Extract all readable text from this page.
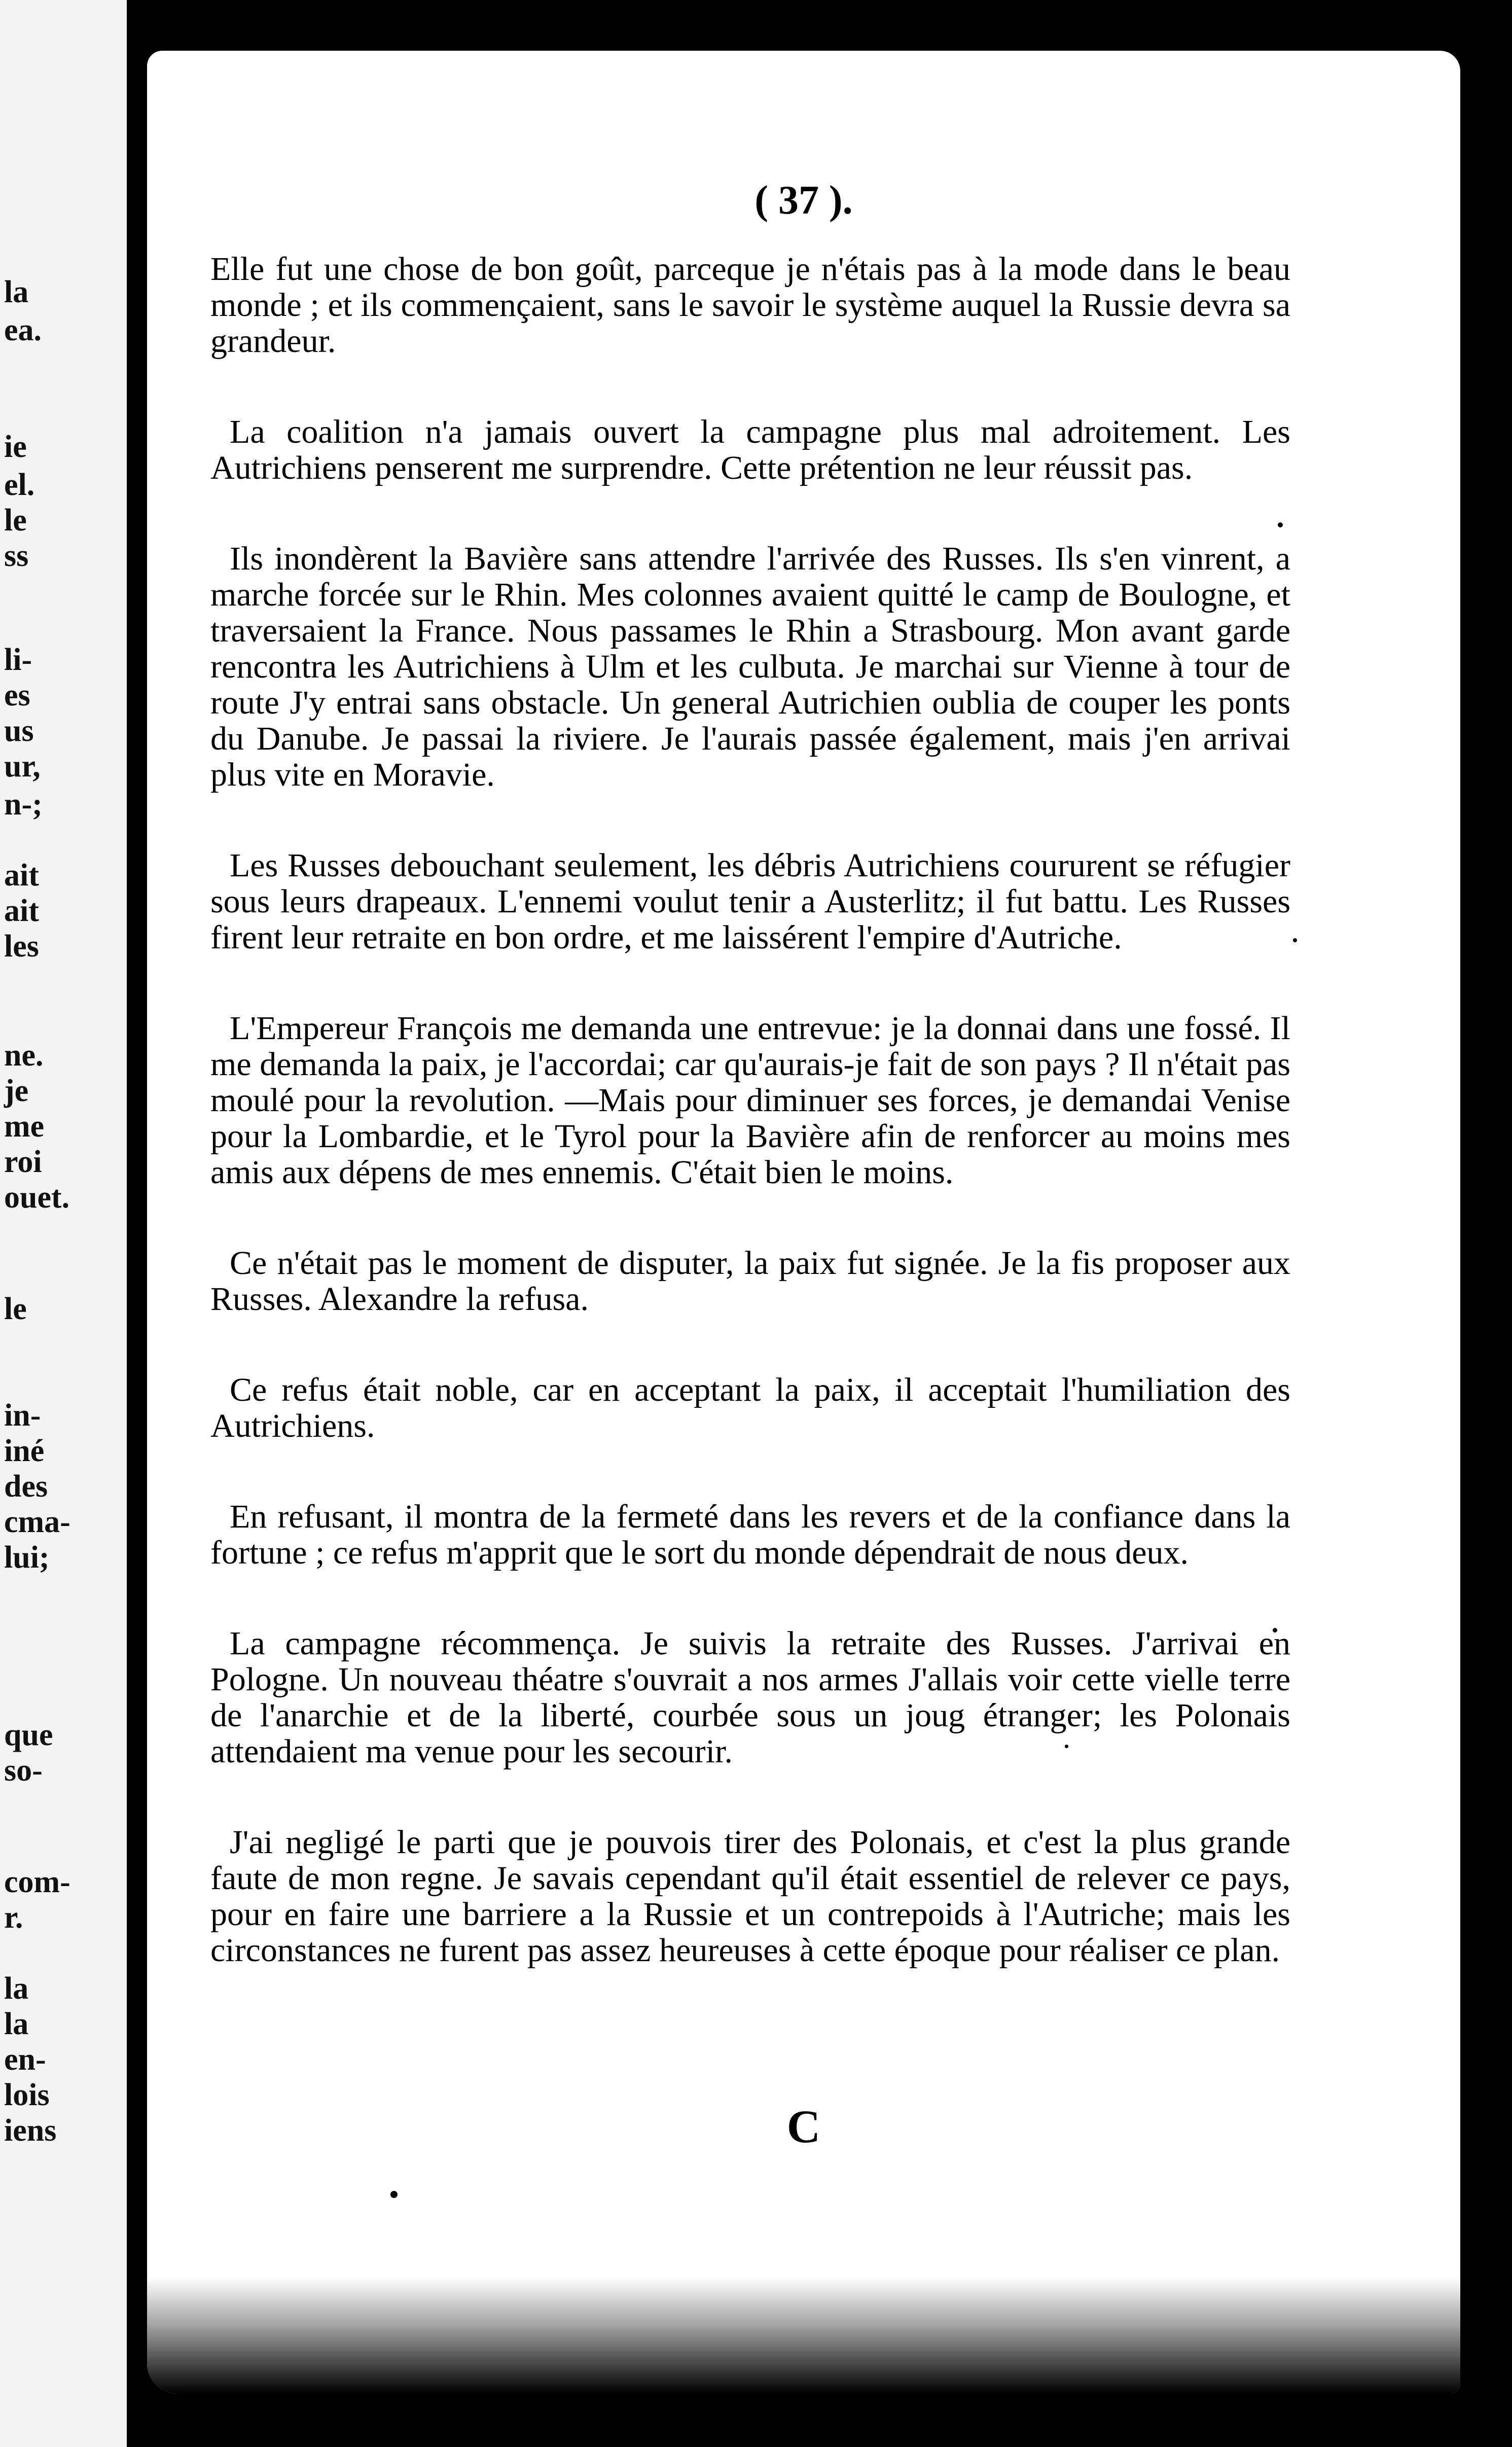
la
ea.
ie
el.
le
ss
li-
es
us
ur,
n-;
ait
ait
les
ne.
je
me
roi
ouet.
le
in-
iné
des
cma-
lui;
que
so-
com-
r.
la
la
en-
lois
iens
( 37 ).

Elle fut une chose de bon goût, parceque je n'étais pas à la mode dans le beau monde ; et ils commençaient, sans le savoir le système auquel la Russie devra sa grandeur.

La coalition n'a jamais ouvert la campagne plus mal adroitement. Les Autrichiens penserent me surprendre. Cette prétention ne leur réussit pas.

Ils inondèrent la Bavière sans attendre l'arrivée des Russes. Ils s'en vinrent, a marche forcée sur le Rhin. Mes colonnes avaient quitté le camp de Boulogne, et traversaient la France. Nous passames le Rhin a Strasbourg. Mon avant garde rencontra les Autrichiens à Ulm et les culbuta. Je marchai sur Vienne à tour de route J'y entrai sans obstacle. Un general Autrichien oublia de couper les ponts du Danube. Je passai la riviere. Je l'aurais passée également, mais j'en arrivai plus vite en Moravie.

Les Russes debouchant seulement, les débris Autrichiens coururent se réfugier sous leurs drapeaux. L'ennemi voulut tenir a Austerlitz; il fut battu. Les Russes firent leur retraite en bon ordre, et me laissérent l'empire d'Autriche.

L'Empereur François me demanda une entrevue: je la donnai dans une fossé. Il me demanda la paix, je l'accordai; car qu'aurais-je fait de son pays ? Il n'était pas moulé pour la revolution. —Mais pour diminuer ses forces, je demandai Venise pour la Lombardie, et le Tyrol pour la Bavière afin de renforcer au moins mes amis aux dépens de mes ennemis. C'était bien le moins.

Ce n'était pas le moment de disputer, la paix fut signée. Je la fis proposer aux Russes. Alexandre la refusa.

Ce refus était noble, car en acceptant la paix, il acceptait l'humiliation des Autrichiens.

En refusant, il montra de la fermeté dans les revers et de la confiance dans la fortune ; ce refus m'apprit que le sort du monde dépendrait de nous deux.

La campagne récommença. Je suivis la retraite des Russes. J'arrivai en Pologne. Un nouveau théatre s'ouvrait a nos armes J'allais voir cette vielle terre de l'anarchie et de la liberté, courbée sous un joug étranger; les Polonais attendaient ma venue pour les secourir.

J'ai negligé le parti que je pouvois tirer des Polonais, et c'est la plus grande faute de mon regne. Je savais cependant qu'il était essentiel de relever ce pays, pour en faire une barriere a la Russie et un contrepoids à l'Autriche; mais les circonstances ne furent pas assez heureuses à cette époque pour réaliser ce plan.

C
